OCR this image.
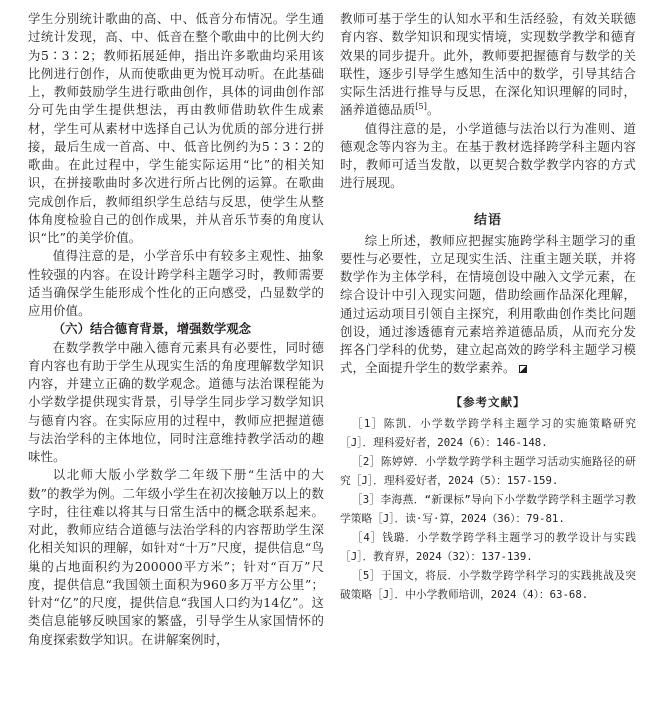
学生分别统计歌曲的高、中、低音分布情况。学生通过统计发现，高、中、低音在整个歌曲中的比例大约为5∶3∶2；教师拓展延伸，指出许多歌曲均采用该比例进行创作，从而使歌曲更为悦耳动听。在此基础上，教师鼓励学生进行歌曲创作，具体的词曲创作部分可先由学生提供想法，再由教师借助软件生成素材，学生可从素材中选择自己认为优质的部分进行拼接，最后生成一首高、中、低音比例约为5∶3∶2的歌曲。在此过程中，学生能实际运用“比”的相关知识，在拼接歌曲时多次进行所占比例的运算。在歌曲完成创作后，教师组织学生总结与反思，使学生从整体角度检验自己的创作成果，并从音乐节奏的角度认识“比”的美学价值。

值得注意的是，小学音乐中有较多主观性、抽象性较强的内容。在设计跨学科主题学习时，教师需要适当确保学生能形成个性化的正向感受，凸显数学的应用价值。

（六）结合德育背景，增强数学观念

在数学教学中融入德育元素具有必要性，同时德育内容也有助于学生从现实生活的角度理解数学知识内容，并建立正确的数学观念。道德与法治课程能为小学数学提供现实背景，引导学生同步学习数学知识与德育内容。在实际应用的过程中，教师应把握道德与法治学科的主体地位，同时注意维持教学活动的趣味性。

以北师大版小学数学二年级下册“生活中的大数”的教学为例。二年级小学生在初次接触万以上的数字时，往往难以将其与日常生活中的概念联系起来。对此，教师应结合道德与法治学科的内容帮助学生深化相关知识的理解，如针对“十万”尺度，提供信息“鸟巢的占地面积约为200000平方米”；针对“百万”尺度，提供信息“我国领土面积为960多万平方公里”；针对“亿”的尺度，提供信息“我国人口约为14亿”。这类信息能够反映国家的繁盛，引导学生从家国情怀的角度探索数学知识。在讲解案例时，

教师可基于学生的认知水平和生活经验，有效关联德育内容、数学知识和现实情境，实现数学教学和德育效果的同步提升。此外，教师要把握德育与数学的关联性，逐步引导学生感知生活中的数学，引导其结合实际生活进行推导与反思，在深化知识理解的同时，涵养道德品质[5]。

值得注意的是，小学道德与法治以行为准则、道德观念等内容为主。在基于教材选择跨学科主题内容时，教师可适当发散，以更契合数学教学内容的方式进行展现。

结语

综上所述，教师应把握实施跨学科主题学习的重要性与必要性，立足现实生活、注重主题关联，并将数学作为主体学科，在情境创设中融入文学元素，在综合设计中引入现实问题，借助绘画作品深化理解，通过运动项目引领自主探究，利用歌曲创作类比问题创设，通过渗透德育元素培养道德品质，从而充分发挥各门学科的优势，建立起高效的跨学科主题学习模式，全面提升学生的数学素养。

【参考文献】
［1］陈凯．小学数学跨学科主题学习的实施策略研究［J］．理科爱好者，2024（6）：146-148.
［2］陈婷婷．小学数学跨学科主题学习活动实施路径的研究［J］．理科爱好者，2024（5）：157-159.
［3］李海燕．“新课标”导向下小学数学跨学科主题学习教学策略［J］．读·写·算，2024（36）：79-81.
［4］钱璐．小学数学跨学科主题学习的教学设计与实践［J］．教育界，2024（32）：137-139.
［5］于国文，将辰．小学数学跨学科学习的实践挑战及突破策略［J］．中小学教师培训，2024（4）：63-68.
